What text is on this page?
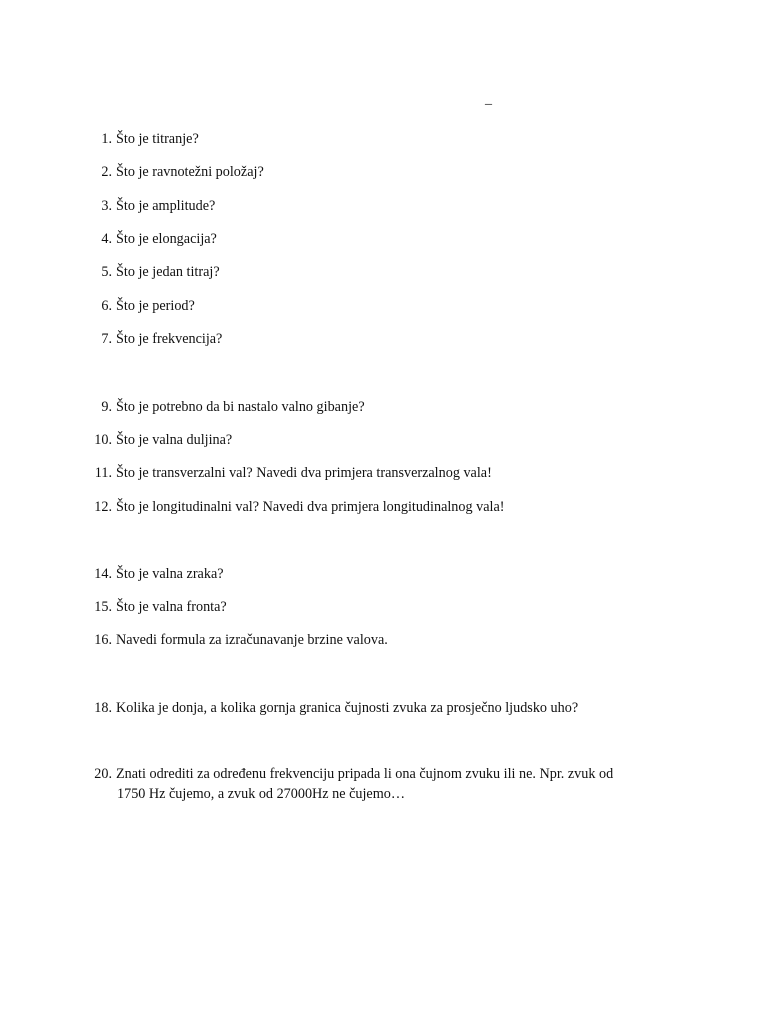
_
1. Što je titranje?
2. Što je ravnotežni položaj?
3. Što je amplitude?
4. Što je elongacija?
5. Što je jedan titraj?
6. Što je period?
7. Što je frekvencija?
9. Što je potrebno da bi nastalo valno gibanje?
10. Što je valna duljina?
11. Što je transverzalni val? Navedi dva primjera transverzalnog vala!
12. Što je longitudinalni val? Navedi dva primjera longitudinalnog vala!
14. Što je valna zraka?
15. Što je valna fronta?
16. Navedi formula za izračunavanje brzine valova.
18. Kolika je donja, a kolika gornja granica čujnosti zvuka za prosječno ljudsko uho?
20. Znati odrediti za određenu frekvenciju pripada li ona čujnom zvuku ili ne. Npr. zvuk od
1750 Hz čujemo, a zvuk od 27000Hz ne čujemo…
